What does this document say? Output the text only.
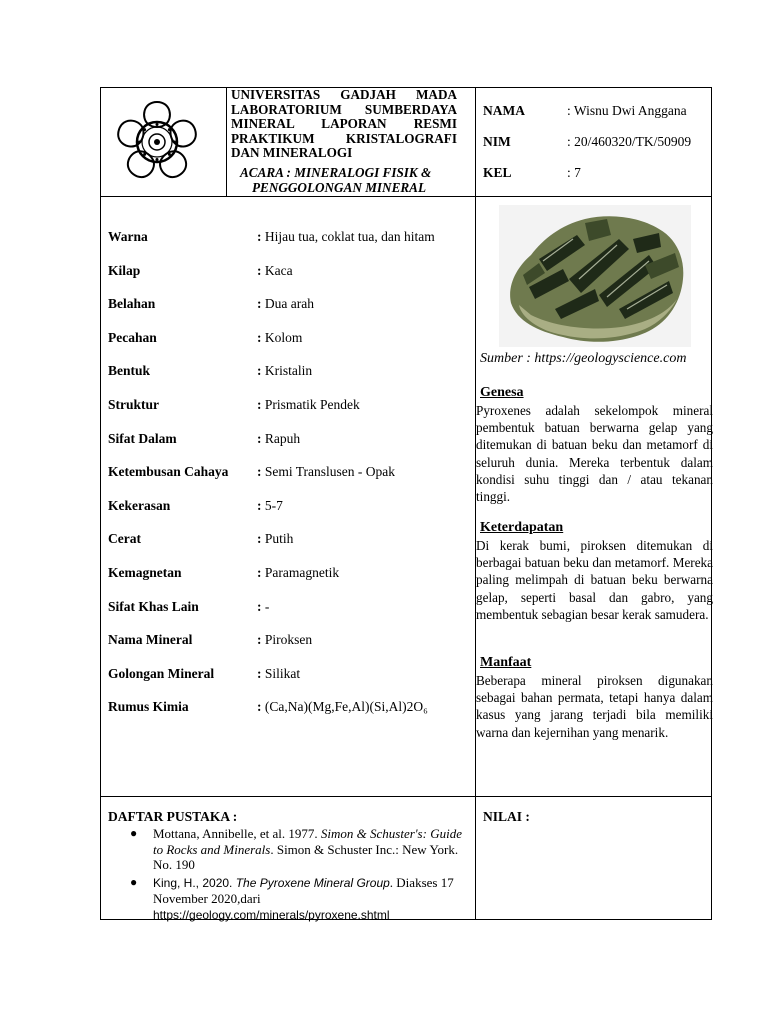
UNIVERSITAS GADJAH MADA LABORATORIUM SUMBERDAYA MINERAL LAPORAN RESMI PRAKTIKUM KRISTALOGRAFI DAN MINERALOGI
ACARA : MINERALOGI FISIK &
PENGGOLONGAN MINERAL
NAMA	: Wisnu Dwi Anggana
NIM	: 20/460320/TK/50909
KEL	: 7
Warna	: Hijau tua, coklat tua, dan hitam
Kilap	: Kaca
Belahan	: Dua arah
Pecahan	: Kolom
Bentuk	: Kristalin
Struktur	: Prismatik Pendek
Sifat Dalam	: Rapuh
Ketembusan Cahaya : Semi Translusen - Opak
Kekerasan	: 5-7
Cerat	: Putih
Kemagnetan	: Paramagnetik
Sifat Khas Lain	: -
Nama Mineral	: Piroksen
Golongan Mineral	: Silikat
Rumus Kimia	: (Ca,Na)(Mg,Fe,Al)(Si,Al)2O₆
Sumber : https://geologyscience.com
Genesa
Pyroxenes adalah sekelompok mineral pembentuk batuan berwarna gelap yang ditemukan di batuan beku dan metamorf di seluruh dunia. Mereka terbentuk dalam kondisi suhu tinggi dan / atau tekanan tinggi.
Keterdapatan
Di kerak bumi, piroksen ditemukan di berbagai batuan beku dan metamorf. Mereka paling melimpah di batuan beku berwarna gelap, seperti basal dan gabro, yang membentuk sebagian besar kerak samudera.
Manfaat
Beberapa mineral piroksen digunakan sebagai bahan permata, tetapi hanya dalam kasus yang jarang terjadi bila memiliki warna dan kejernihan yang menarik.
DAFTAR PUSTAKA :	NILAI :
● Mottana, Annibelle, et al. 1977. Simon & Schuster's: Guide to Rocks and Minerals. Simon & Schuster Inc.: New York. No. 190
● King, H., 2020. The Pyroxene Mineral Group. Diakses 17 November 2020,dari
https://geology.com/minerals/pyroxene.shtml
